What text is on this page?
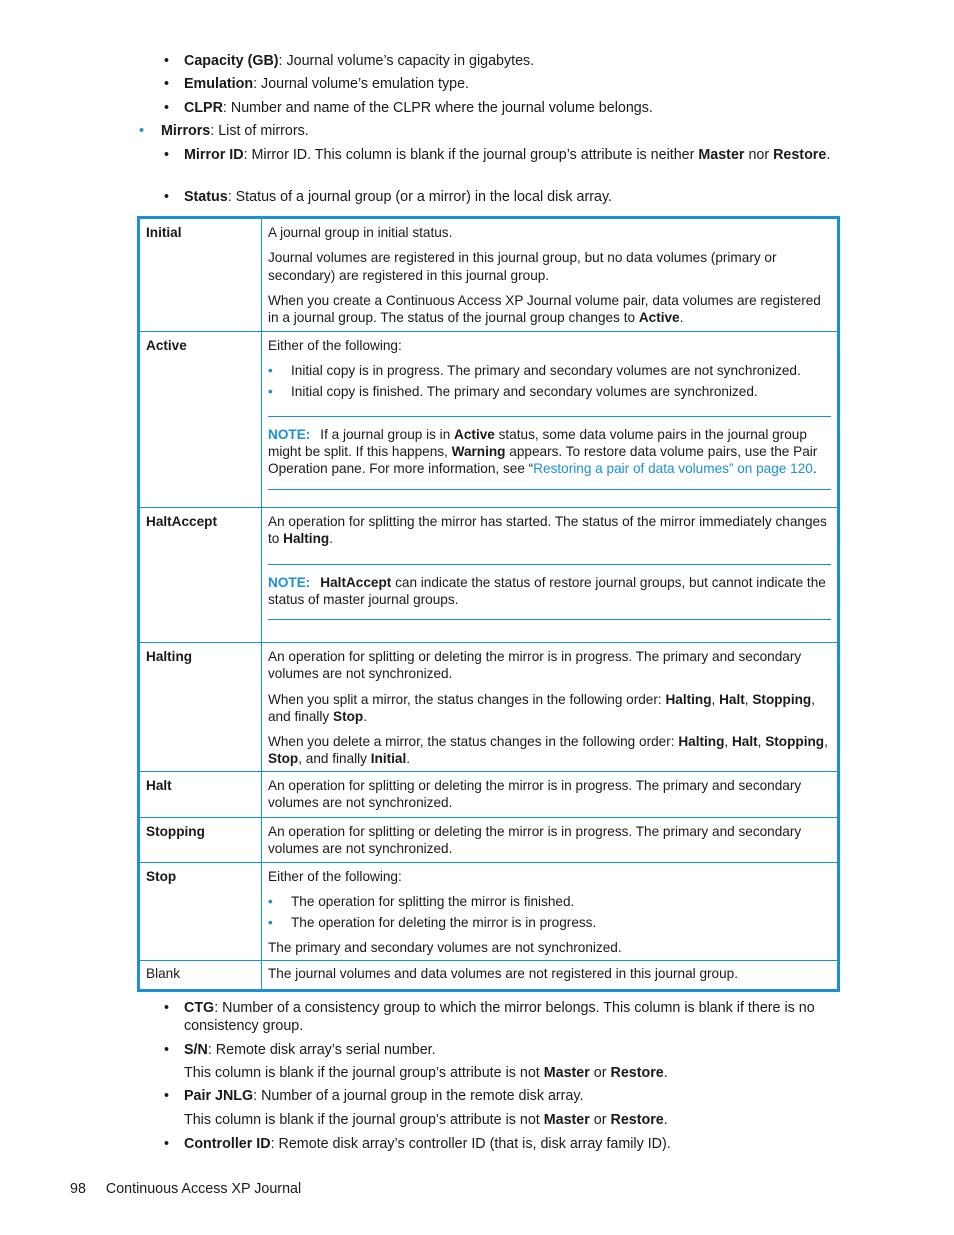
• Capacity (GB): Journal volume’s capacity in gigabytes.
• Emulation: Journal volume’s emulation type.
• CLPR: Number and name of the CLPR where the journal volume belongs.
• Mirrors: List of mirrors.
• Mirror ID: Mirror ID. This column is blank if the journal group’s attribute is neither Master nor Restore.
• Status: Status of a journal group (or a mirror) in the local disk array.
Initial	A journal group in initial status.

Journal volumes are registered in this journal group, but no data volumes (primary or secondary) are registered in this journal group.

When you create a Continuous Access XP Journal volume pair, data volumes are registered in a journal group. The status of the journal group changes to Active.

Active	Either of the following:

• Initial copy is in progress. The primary and secondary volumes are not synchronized.
• Initial copy is finished. The primary and secondary volumes are synchronized.
NOTE: If a journal group is in Active status, some data volume pairs in the journal group might be split. If this happens, Warning appears. To restore data volume pairs, use the Pair Operation pane. For more information, see “Restoring a pair of data volumes” on page 120.
HaltAccept	An operation for splitting the mirror has started. The status of the mirror immediately changes to Halting.

NOTE: HaltAccept can indicate the status of restore journal groups, but cannot indicate the status of master journal groups.
Halting	An operation for splitting or deleting the mirror is in progress. The primary and secondary volumes are not synchronized.

When you split a mirror, the status changes in the following order: Halting, Halt, Stopping, and finally Stop.

When you delete a mirror, the status changes in the following order: Halting, Halt, Stopping, Stop, and finally Initial.

Halt	An operation for splitting or deleting the mirror is in progress. The primary and secondary volumes are not synchronized.

Stopping	An operation for splitting or deleting the mirror is in progress. The primary and secondary volumes are not synchronized.

Stop	Either of the following:

• The operation for splitting the mirror is finished.
• The operation for deleting the mirror is in progress.

The primary and secondary volumes are not synchronized.

Blank	The journal volumes and data volumes are not registered in this journal group.

• CTG: Number of a consistency group to which the mirror belongs. This column is blank if there is no consistency group.
• S/N: Remote disk array’s serial number.
This column is blank if the journal group’s attribute is not Master or Restore.
• Pair JNLG: Number of a journal group in the remote disk array.
This column is blank if the journal group’s attribute is not Master or Restore.
• Controller ID: Remote disk array’s controller ID (that is, disk array family ID).
98 Continuous Access XP Journal
